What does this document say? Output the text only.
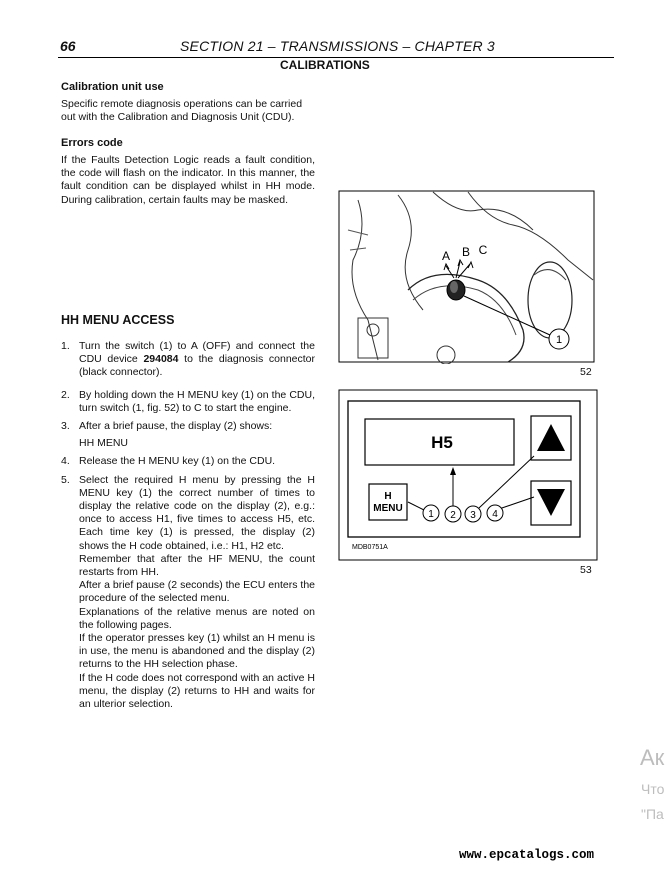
66	SECTION 21 – TRANSMISSIONS – CHAPTER 3
CALIBRATIONS
Calibration unit use

Specific remote diagnosis operations can be carried out with the Calibration and Diagnosis Unit (CDU).

Errors code

If the Faults Detection Logic reads a fault condition, the code will flash on the indicator. In this manner, the fault condition can be displayed whilst in HH mode. During calibration, certain faults may be masked.

HH MENU ACCESS
1. Turn the switch (1) to A (OFF) and connect the CDU device 294084 to the diagnosis connector (black connector).
2. By holding down the H MENU key (1) on the CDU, turn switch (1, fig. 52) to C to start the engine.
3. After a brief pause, the display (2) shows:

HH MENU

4. Release the H MENU key (1) on the CDU.
5. Select the required H menu by pressing the H MENU key (1) the correct number of times to display the relative code on the display (2), e.g.: once to access H1, five times to access H5, etc. Each time key (1) is pressed, the display (2) shows the H code obtained, i.e.: H1, H2 etc.

Remember that after the HF MENU, the count restarts from HH.

After a brief pause (2 seconds) the ECU enters the procedure of the selected menu.

Explanations of the relative menus are noted on the following pages.

If the operator presses key (1) whilst an H menu is in use, the menu is abandoned and the display (2) returns to the HH selection phase.

If the H code does not correspond with an active H menu, the display (2) returns to HH and waits for an ulterior selection.

A B C
1
52
H5
H
MENU
1 2 3 4
MDB0751A
53
Ак
Что
"Па
www.epcatalogs.com
